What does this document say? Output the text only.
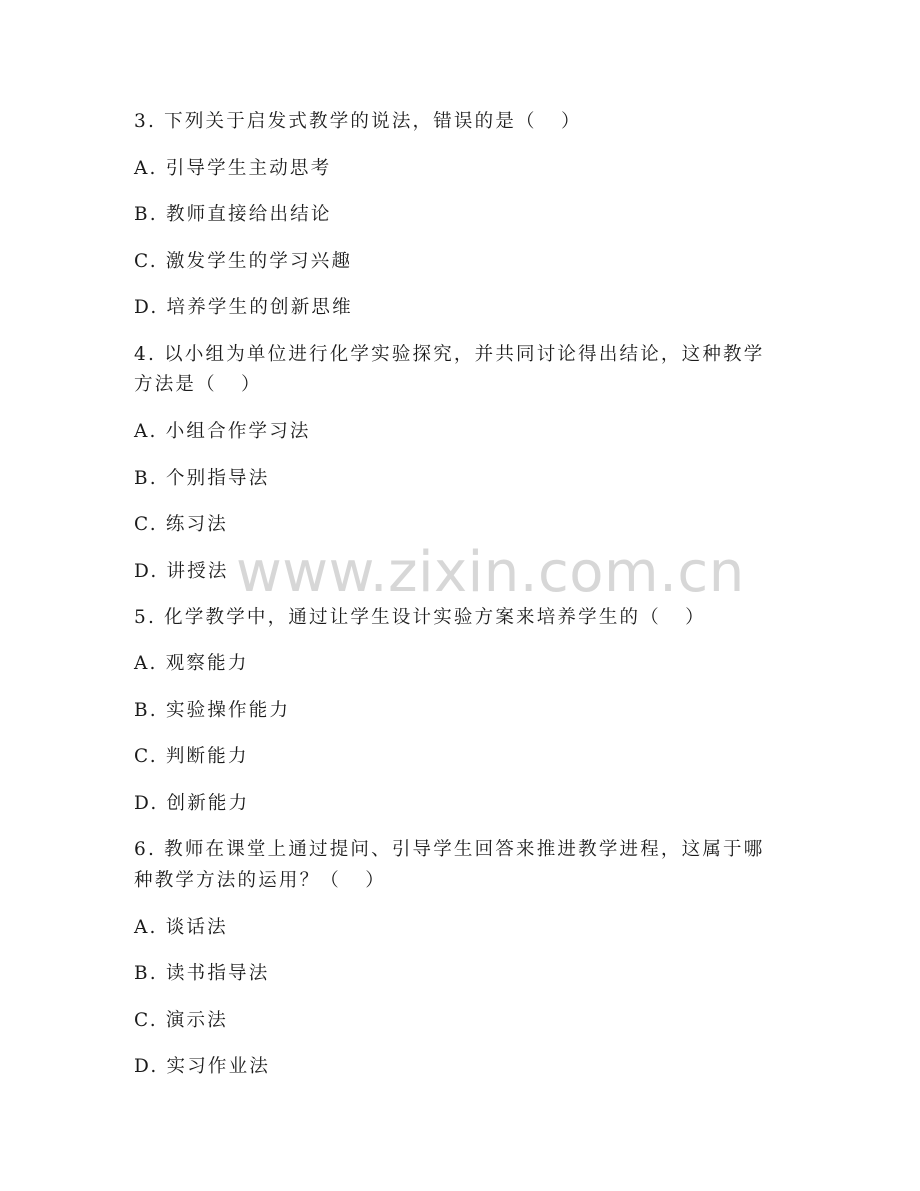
www.zixin.com.cn
3. 下列关于启发式教学的说法，错误的是（   ）
A. 引导学生主动思考
B. 教师直接给出结论
C. 激发学生的学习兴趣
D. 培养学生的创新思维
4. 以小组为单位进行化学实验探究，并共同讨论得出结论，这种教学
方法是（   ）
A. 小组合作学习法
B. 个别指导法
C. 练习法
D. 讲授法
5. 化学教学中，通过让学生设计实验方案来培养学生的（   ）
A. 观察能力
B. 实验操作能力
C. 判断能力
D. 创新能力
6. 教师在课堂上通过提问、引导学生回答来推进教学进程，这属于哪
种教学方法的运用？（   ）
A. 谈话法
B. 读书指导法
C. 演示法
D. 实习作业法
